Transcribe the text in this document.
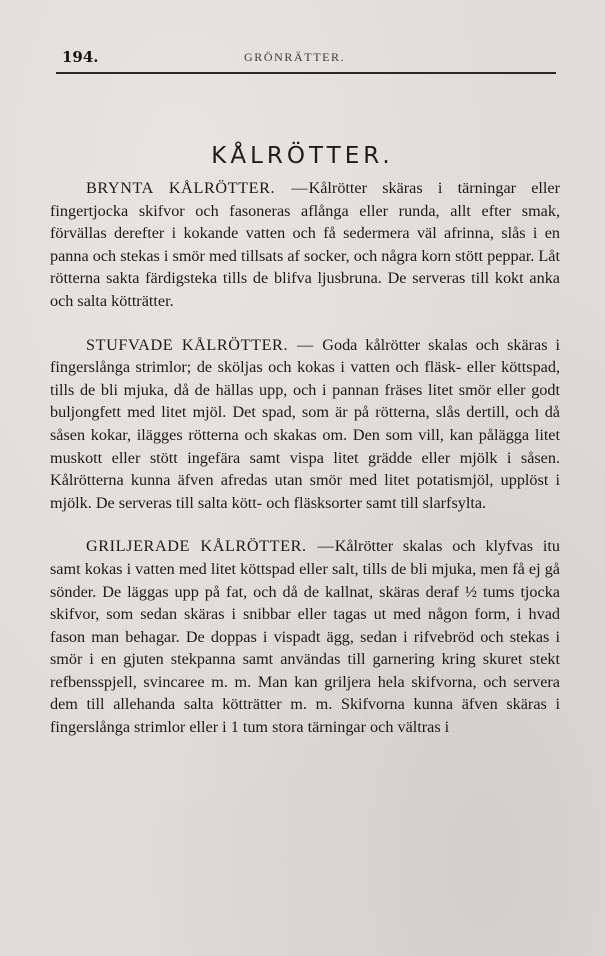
194.	GRÖNRÄTTER.
KÅLRÖTTER.

BRYNTA KÅLRÖTTER. —Kålrötter skäras i tärningar eller fingertjocka skifvor och fasoneras aflånga eller runda, allt efter smak, förvällas derefter i kokande vatten och få sedermera väl afrinna, slås i en panna och stekas i smör med tillsats af socker, och några korn stött peppar. Låt rötterna sakta färdigsteka tills de blifva ljusbruna. De serveras till kokt anka och salta kötträtter.

STUFVADE KÅLRÖTTER. — Goda kålrötter skalas och skäras i fingerslånga strimlor; de sköljas och kokas i vatten och fläsk- eller köttspad, tills de bli mjuka, då de hällas upp, och i pannan fräses litet smör eller godt buljongfett med litet mjöl. Det spad, som är på rötterna, slås dertill, och då såsen kokar, ilägges rötterna och skakas om. Den som vill, kan pålägga litet muskott eller stött ingefära samt vispa litet grädde eller mjölk i såsen. Kålrötterna kunna äfven afredas utan smör med litet potatismjöl, upplöst i mjölk. De serveras till salta kött- och fläsksorter samt till slarfsylta.

GRILJERADE KÅLRÖTTER. —Kålrötter skalas och klyfvas itu samt kokas i vatten med litet köttspad eller salt, tills de bli mjuka, men få ej gå sönder. De läggas upp på fat, och då de kallnat, skäras deraf ½ tums tjocka skifvor, som sedan skäras i snibbar eller tagas ut med någon form, i hvad fason man behagar. De doppas i vispadt ägg, sedan i rifvebröd och stekas i smör i en gjuten stekpanna samt användas till garnering kring skuret stekt refbensspjell, svincaree m. m. Man kan griljera hela skifvorna, och servera dem till allehanda salta kötträtter m. m. Skifvorna kunna äfven skäras i fingerslånga strimlor eller i 1 tum stora tärningar och vältras i
